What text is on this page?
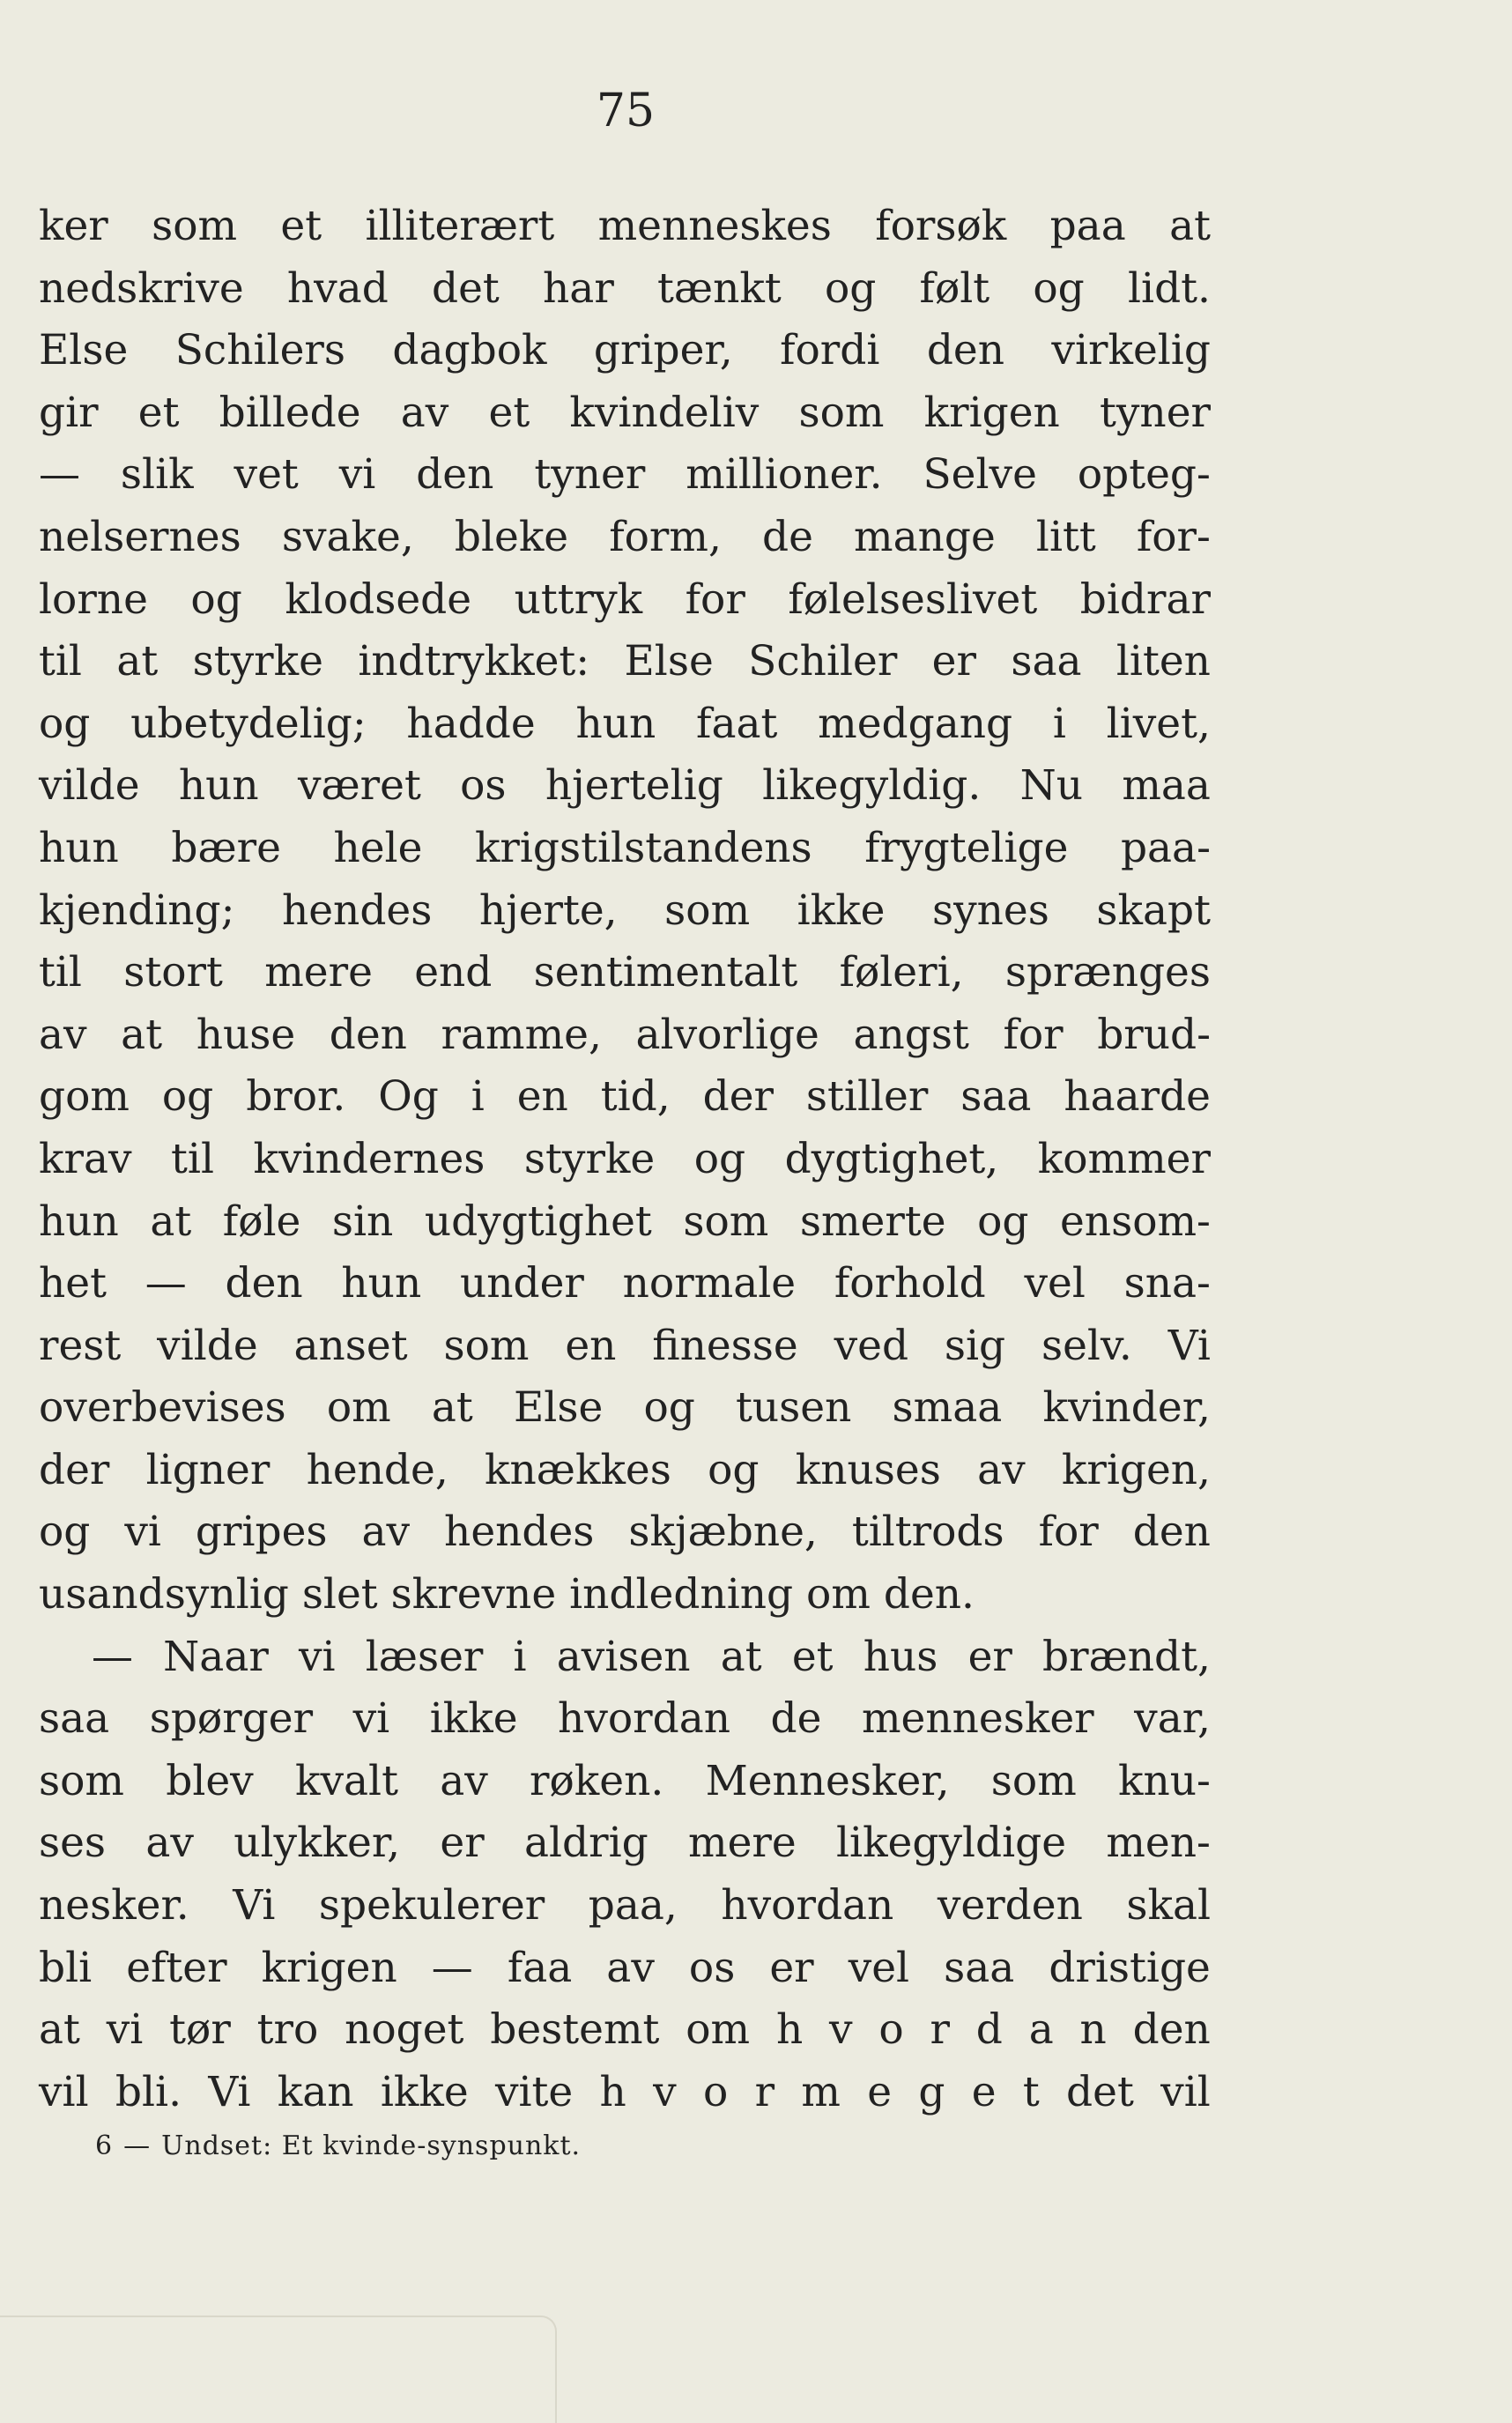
75
ker som et illiterært menneskes forsøk paa at
nedskrive hvad det har tænkt og følt og lidt.
Else Schilers dagbok griper, fordi den virkelig
gir et billede av et kvindeliv som krigen tyner
— slik vet vi den tyner millioner. Selve opteg-
nelsernes svake, bleke form, de mange litt for-
lorne og klodsede uttryk for følelseslivet bidrar
til at styrke indtrykket: Else Schiler er saa liten
og ubetydelig; hadde hun faat medgang i livet,
vilde hun været os hjertelig likegyldig. Nu maa
hun bære hele krigstilstandens frygtelige paa-
kjending; hendes hjerte, som ikke synes skapt
til stort mere end sentimentalt føleri, sprænges
av at huse den ramme, alvorlige angst for brud-
gom og bror. Og i en tid, der stiller saa haarde
krav til kvindernes styrke og dygtighet, kommer
hun at føle sin udygtighet som smerte og ensom-
het — den hun under normale forhold vel sna-
rest vilde anset som en finesse ved sig selv. Vi
overbevises om at Else og tusen smaa kvinder,
der ligner hende, knækkes og knuses av krigen,
og vi gripes av hendes skjæbne, tiltrods for den
usandsynlig
slet
skrevne
indledning
om
den.
— Naar vi læser i avisen at et hus er brændt,
saa spørger vi ikke hvordan de mennesker var,
som blev kvalt av røken. Mennesker, som knu-
ses av ulykker, er aldrig mere likegyldige men-
nesker. Vi spekulerer paa, hvordan verden skal
bli efter krigen — faa av os er vel saa dristige
at vi tør tro noget bestemt om h v o r d a n den
vil bli. Vi kan ikke vite h v o r m e g e t det vil
6 — Undset: Et kvinde-synspunkt.
